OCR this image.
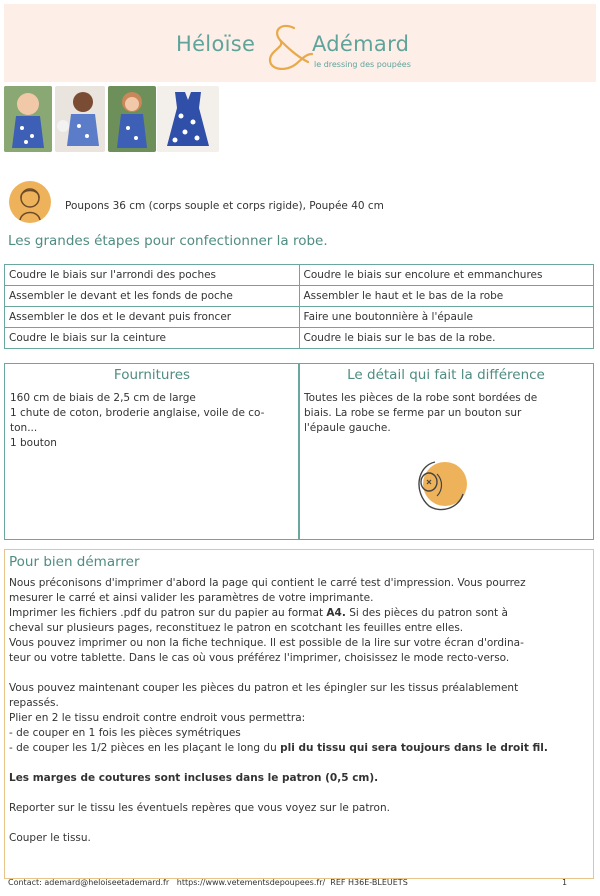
Héloïse	Adémard
le dressing des poupées
Poupons 36 cm (corps souple et corps rigide), Poupée 40 cm
Les grandes étapes pour confectionner la robe.
Coudre le biais sur l'arrondi des poches	Coudre le biais sur encolure et emmanchures
Assembler le devant et les fonds de poche	Assembler le haut et le bas de la robe
Assembler le dos et le devant puis froncer	Faire une boutonnière à l'épaule
Coudre le biais sur la ceinture	Coudre le biais sur le bas de la robe.
Fournitures
160 cm de biais de 2,5 cm de large
1 chute de coton, broderie anglaise, voile de co-
ton...
1 bouton
Le détail qui fait la différence
Toutes les pièces de la robe sont bordées de
biais. La robe se ferme par un bouton sur
l'épaule gauche.
Pour bien démarrer

Nous préconisons d'imprimer d'abord la page qui contient le carré test d'impression. Vous pourrez

mesurer le carré et ainsi valider les paramètres de votre imprimante.

Imprimer les fichiers .pdf du patron sur du papier au format A4. Si des pièces du patron sont à

cheval sur plusieurs pages, reconstituez le patron en scotchant les feuilles entre elles.

Vous pouvez imprimer ou non la fiche technique. Il est possible de la lire sur votre écran d'ordina-

teur ou votre tablette. Dans le cas où vous préférez l'imprimer, choisissez le mode recto-verso.

Vous pouvez maintenant couper les pièces du patron et les épingler sur les tissus préalablement

repassés.

Plier en 2 le tissu endroit contre endroit vous permettra:

- de couper en 1 fois les pièces symétriques

- de couper les 1/2 pièces en les plaçant le long du pli du tissu qui sera toujours dans le droit fil.

Les marges de coutures sont incluses dans le patron (0,5 cm).

Reporter sur le tissu les éventuels repères que vous voyez sur le patron.

Couper le tissu.

Contact: ademard@heloiseetademard.fr https://www.vetementsdepoupees.fr/ REF H36E-BLEUETS	1
